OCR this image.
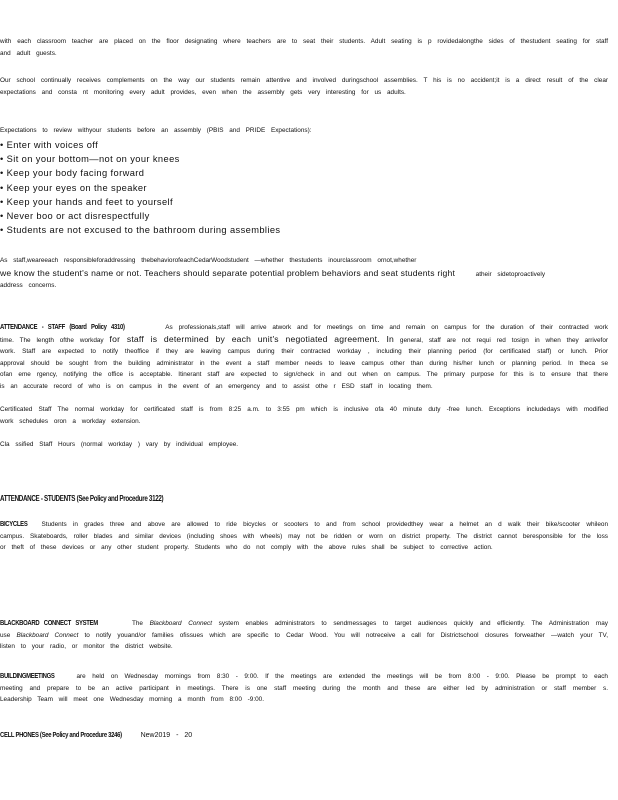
with each classroom teacher are placed on the floor designating where teachers are to seat their students. Adult seating is p rovidedalongthe sides of thestudent seating for staff and adult guests.

Our school continually receives complements on the way our students remain attentive and involved duringschool assemblies. T his is no accident;it is a direct result of the clear expectations and consta nt monitoring every adult provides, even when the assembly gets very interesting for us adults.

Expectations to review withyour students before an assembly (PBIS and PRIDE Expectations):

• Enter with voices off
• Sit on your bottom—not on your knees
• Keep your body facing forward
• Keep your eyes on the speaker
• Keep your hands and feet to yourself
• Never boo or act disrespectfully
• Students are not excused to the bathroom during assemblies
As staff,weareeach responsibleforaddressing thebehaviorofeachCedarWoodstudent —whether thestudents inourclassroom ornot,whether
we know the student's name or not. Teachers should separate potential problem behaviors and seat students right	atheir sidetoproactively
address concerns.

ATTENDANCE - STAFF (Board Policy 4310)	As professionals,staff will arrive atwork and for meetings on time and remain on campus for the duration of their contracted work time. The length ofthe workday for staff is determined by each unit's negotiated agreement. In general, staff are not requi red tosign in when they arrivefor work. Staff are expected to notify theoffice if they are leaving campus during their contracted workday , including their planning period (for certificated staff) or lunch. Prior approval should be sought from the building administrator in the event a staff member needs to leave campus other than during his/her lunch or planning period. In theca se ofan eme rgency, notifying the office is acceptable. Itinerant staff are expected to sign/check in and out when on campus. The primary purpose for this is to ensure that there is an accurate record of who is on campus in the event of an emergency and to assist othe r ESD staff in locating them.

Certificated Staff The normal workday for certificated staff is from 8:25 a.m. to 3:55 pm which is inclusive ofa 40 minute duty -free lunch. Exceptions includedays with modified work schedules oron a workday extension.

Cla ssified Staff Hours (normal workday ) vary by individual employee.

ATTENDANCE - STUDENTS (See Policy and Procedure 3122)

BICYCLES Students in grades three and above are allowed to ride bicycles or scooters to and from school providedthey wear a helmet an d walk their bike/scooter whileon campus. Skateboards, roller blades and similar devices (including shoes with wheels) may not be ridden or worn on district property. The district cannot beresponsible for the loss or theft of these devices or any other student property. Students who do not comply with the above rules shall be subject to corrective action.

BLACKBOARD CONNECT SYSTEM	The Blackboard Connect system enables administrators to sendmessages to target audiences quickly and efficiently. The Administration may use Blackboard Connect to notify youand/or families ofissues which are specific to Cedar Wood. You will notreceive a call for Districtschool closures forweather —watch your TV, listen to your radio, or monitor the district website.

BUILDINGMEETINGS	are held on Wednesday mornings from 8:30 - 9:00. If the meetings are extended the meetings will be from 8:00 - 9:00. Please be prompt to each meeting and prepare to be an active participant in meetings. There is one staff meeting during the month and these are either led by administration or staff member s. Leadership Team will meet one Wednesday morning a month from 8:00 -9:00.

CELL PHONES (See Policy and Procedure 3246)	New2019 - 20
